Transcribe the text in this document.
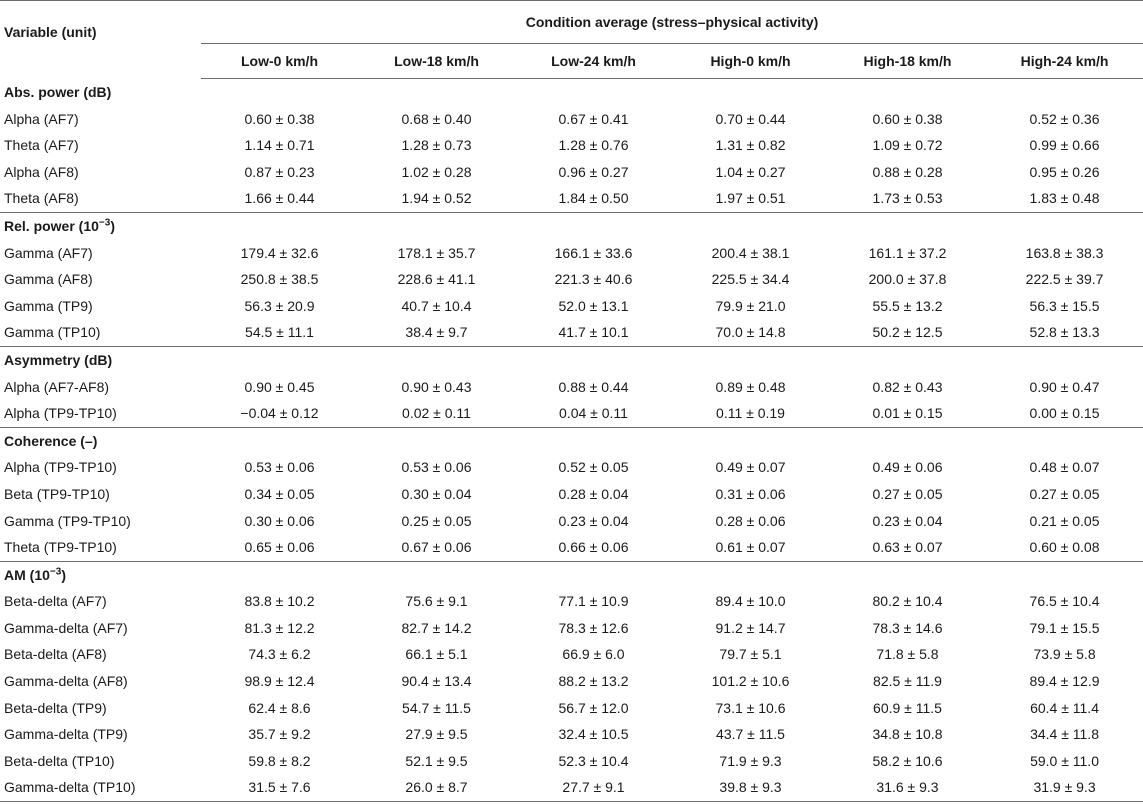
Variable (unit)	Condition average (stress–physical activity)					
	Low-0 km/h	Low-18 km/h	Low-24 km/h	High-0 km/h	High-18 km/h	High-24 km/h
Abs. power (dB)						
Alpha (AF7)	0.60 ± 0.38	0.68 ± 0.40	0.67 ± 0.41	0.70 ± 0.44	0.60 ± 0.38	0.52 ± 0.36
Theta (AF7)	1.14 ± 0.71	1.28 ± 0.73	1.28 ± 0.76	1.31 ± 0.82	1.09 ± 0.72	0.99 ± 0.66
Alpha (AF8)	0.87 ± 0.23	1.02 ± 0.28	0.96 ± 0.27	1.04 ± 0.27	0.88 ± 0.28	0.95 ± 0.26
Theta (AF8)	1.66 ± 0.44	1.94 ± 0.52	1.84 ± 0.50	1.97 ± 0.51	1.73 ± 0.53	1.83 ± 0.48
Rel. power $(10^{-3})$						
Gamma (AF7)	179.4 ± 32.6	178.1 ± 35.7	166.1 ± 33.6	200.4 ± 38.1	161.1 ± 37.2	163.8 ± 38.3
Gamma (AF8)	250.8 ± 38.5	228.6 ± 41.1	221.3 ± 40.6	225.5 ± 34.4	200.0 ± 37.8	222.5 ± 39.7
Gamma (TP9)	56.3 ± 20.9	40.7 ± 10.4	52.0 ± 13.1	79.9 ± 21.0	55.5 ± 13.2	56.3 ± 15.5
Gamma (TP10)	54.5 ± 11.1	38.4 ± 9.7	41.7 ± 10.1	70.0 ± 14.8	50.2 ± 12.5	52.8 ± 13.3
Asymmetry (dB)						
Alpha (AF7-AF8)	0.90 ± 0.45	0.90 ± 0.43	0.88 ± 0.44	0.89 ± 0.48	0.82 ± 0.43	0.90 ± 0.47
Alpha (TP9-TP10)	−0.04 ± 0.12	0.02 ± 0.11	0.04 ± 0.11	0.11 ± 0.19	0.01 ± 0.15	0.00 ± 0.15
Coherence (–)						
Alpha (TP9-TP10)	0.53 ± 0.06	0.53 ± 0.06	0.52 ± 0.05	0.49 ± 0.07	0.49 ± 0.06	0.48 ± 0.07
Beta (TP9-TP10)	0.34 ± 0.05	0.30 ± 0.04	0.28 ± 0.04	0.31 ± 0.06	0.27 ± 0.05	0.27 ± 0.05
Gamma (TP9-TP10)	0.30 ± 0.06	0.25 ± 0.05	0.23 ± 0.04	0.28 ± 0.06	0.23 ± 0.04	0.21 ± 0.05
Theta (TP9-TP10)	0.65 ± 0.06	0.67 ± 0.06	0.66 ± 0.06	0.61 ± 0.07	0.63 ± 0.07	0.60 ± 0.08
AM $(10^{-3})$						
Beta-delta (AF7)	83.8 ± 10.2	75.6 ± 9.1	77.1 ± 10.9	89.4 ± 10.0	80.2 ± 10.4	76.5 ± 10.4
Gamma-delta (AF7)	81.3 ± 12.2	82.7 ± 14.2	78.3 ± 12.6	91.2 ± 14.7	78.3 ± 14.6	79.1 ± 15.5
Beta-delta (AF8)	74.3 ± 6.2	66.1 ± 5.1	66.9 ± 6.0	79.7 ± 5.1	71.8 ± 5.8	73.9 ± 5.8
Gamma-delta (AF8)	98.9 ± 12.4	90.4 ± 13.4	88.2 ± 13.2	101.2 ± 10.6	82.5 ± 11.9	89.4 ± 12.9
Beta-delta (TP9)	62.4 ± 8.6	54.7 ± 11.5	56.7 ± 12.0	73.1 ± 10.6	60.9 ± 11.5	60.4 ± 11.4
Gamma-delta (TP9)	35.7 ± 9.2	27.9 ± 9.5	32.4 ± 10.5	43.7 ± 11.5	34.8 ± 10.8	34.4 ± 11.8
Beta-delta (TP10)	59.8 ± 8.2	52.1 ± 9.5	52.3 ± 10.4	71.9 ± 9.3	58.2 ± 10.6	59.0 ± 11.0
Gamma-delta (TP10)	31.5 ± 7.6	26.0 ± 8.7	27.7 ± 9.1	39.8 ± 9.3	31.6 ± 9.3	31.9 ± 9.3
